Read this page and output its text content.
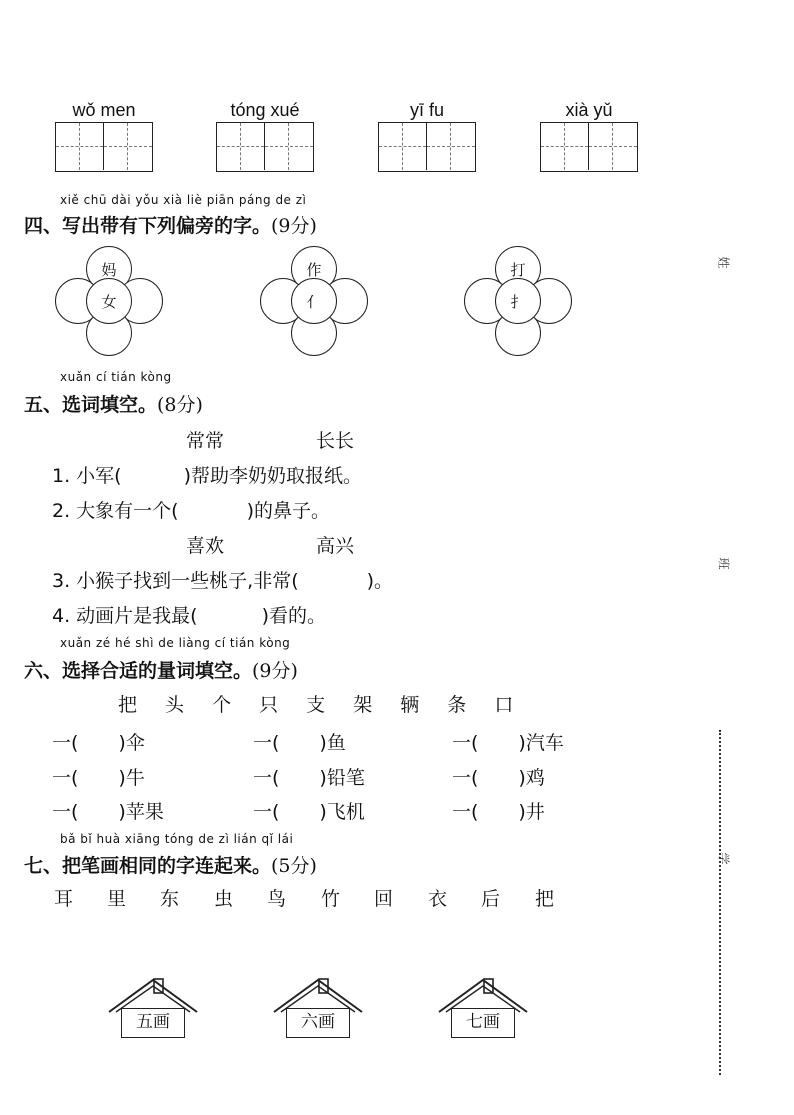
wǒ men	tóng xué	yī fu	xià yǔ
xiě chū dài yǒu xià liè piān páng de zì
四、写出带有下列偏旁的字。(9分)
妈
女
作
亻
打
扌
xuǎn cí tián kòng
五、选词填空。(8分)
常常	长长
1. 小军(	)帮助李奶奶取报纸。
2. 大象有一个(	)的鼻子。
喜欢	高兴
3. 小猴子找到一些桃子,非常(	)。
4. 动画片是我最(	)看的。
xuǎn zé hé shì de liàng cí tián kòng
六、选择合适的量词填空。(9分)
把 头 个 只 支 架 辆 条 口
一( )伞	一( )鱼	一( )汽车
一( )牛	一( )铅笔	一( )鸡
一( )苹果	一( )飞机	一( )井
bǎ bǐ huà xiāng tóng de zì lián qǐ lái
七、把笔画相同的字连起来。(5分)
耳 里 东 虫 鸟 竹 回 衣 后 把
五画	六画	七画
姓
班
学
